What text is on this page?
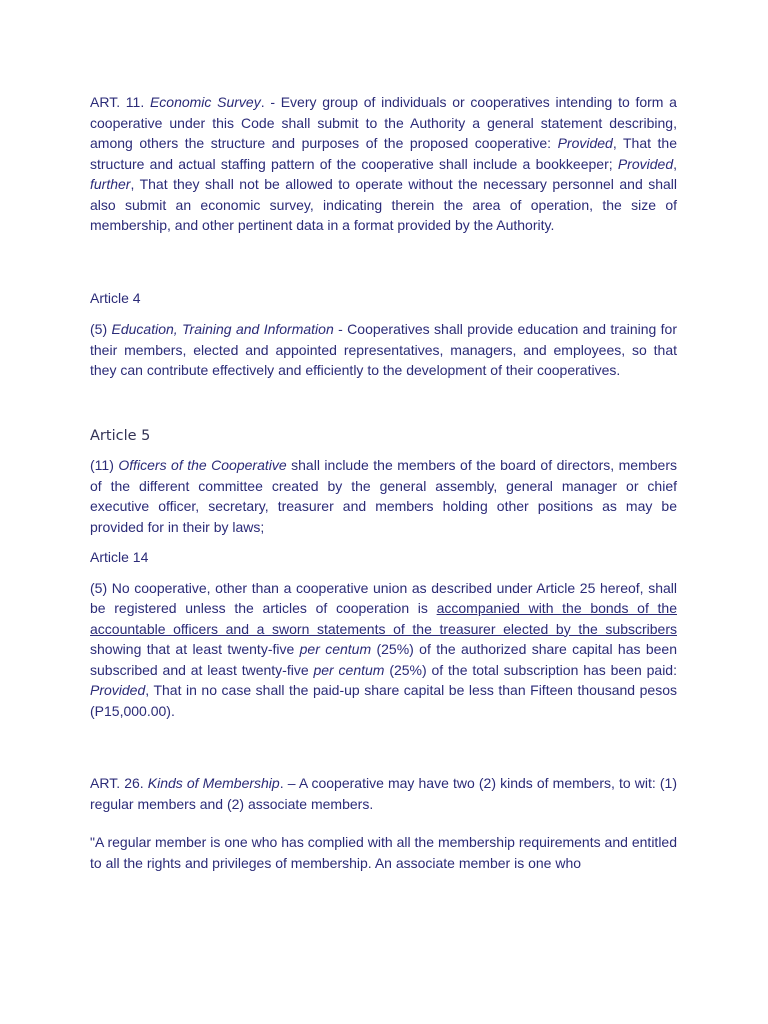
ART. 11. Economic Survey. - Every group of individuals or cooperatives intending to form a cooperative under this Code shall submit to the Authority a general statement describing, among others the structure and purposes of the proposed cooperative: Provided, That the structure and actual staffing pattern of the cooperative shall include a bookkeeper; Provided, further, That they shall not be allowed to operate without the necessary personnel and shall also submit an economic survey, indicating therein the area of operation, the size of membership, and other pertinent data in a format provided by the Authority.

Article 4

(5) Education, Training and Information - Cooperatives shall provide education and training for their members, elected and appointed representatives, managers, and employees, so that they can contribute effectively and efficiently to the development of their cooperatives.

Article 5

(11) Officers of the Cooperative shall include the members of the board of directors, members of the different committee created by the general assembly, general manager or chief executive officer, secretary, treasurer and members holding other positions as may be provided for in their by laws;

Article 14

(5) No cooperative, other than a cooperative union as described under Article 25 hereof, shall be registered unless the articles of cooperation is accompanied with the bonds of the accountable officers and a sworn statements of the treasurer elected by the subscribers showing that at least twenty-five per centum (25%) of the authorized share capital has been subscribed and at least twenty-five per centum (25%) of the total subscription has been paid: Provided, That in no case shall the paid-up share capital be less than Fifteen thousand pesos (P15,000.00).

ART. 26. Kinds of Membership. – A cooperative may have two (2) kinds of members, to wit: (1) regular members and (2) associate members.

"A regular member is one who has complied with all the membership requirements and entitled to all the rights and privileges of membership. An associate member is one who
